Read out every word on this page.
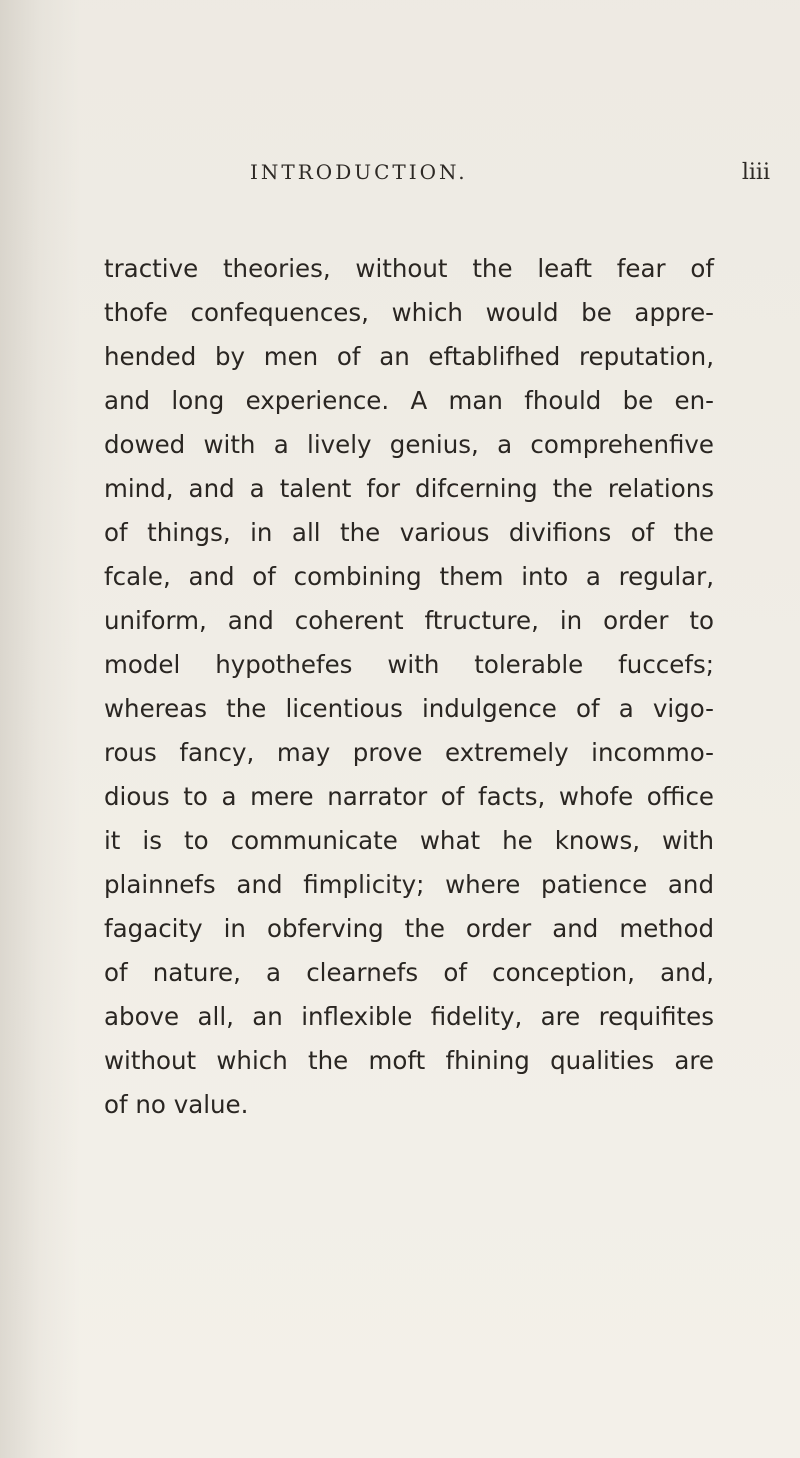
INTRODUCTION.	liii
tractive theories, without the leaft fear of
thofe confequences, which would be appre-
hended by men of an eftablifhed reputation,
and long experience. A man fhould be en-
dowed with a lively genius, a comprehenfive
mind, and a talent for difcerning the relations
of things, in all the various divifions of the
fcale, and of combining them into a regular,
uniform, and coherent ftructure, in order to
model hypothefes with tolerable fuccefs;
whereas the licentious indulgence of a vigo-
rous fancy, may prove extremely incommo-
dious to a mere narrator of facts, whofe office
it is to communicate what he knows, with
plainnefs and fimplicity; where patience and
fagacity in obferving the order and method
of nature, a clearnefs of conception, and,
above all, an inflexible fidelity, are requifites
without which the moft fhining qualities are
of no value.
